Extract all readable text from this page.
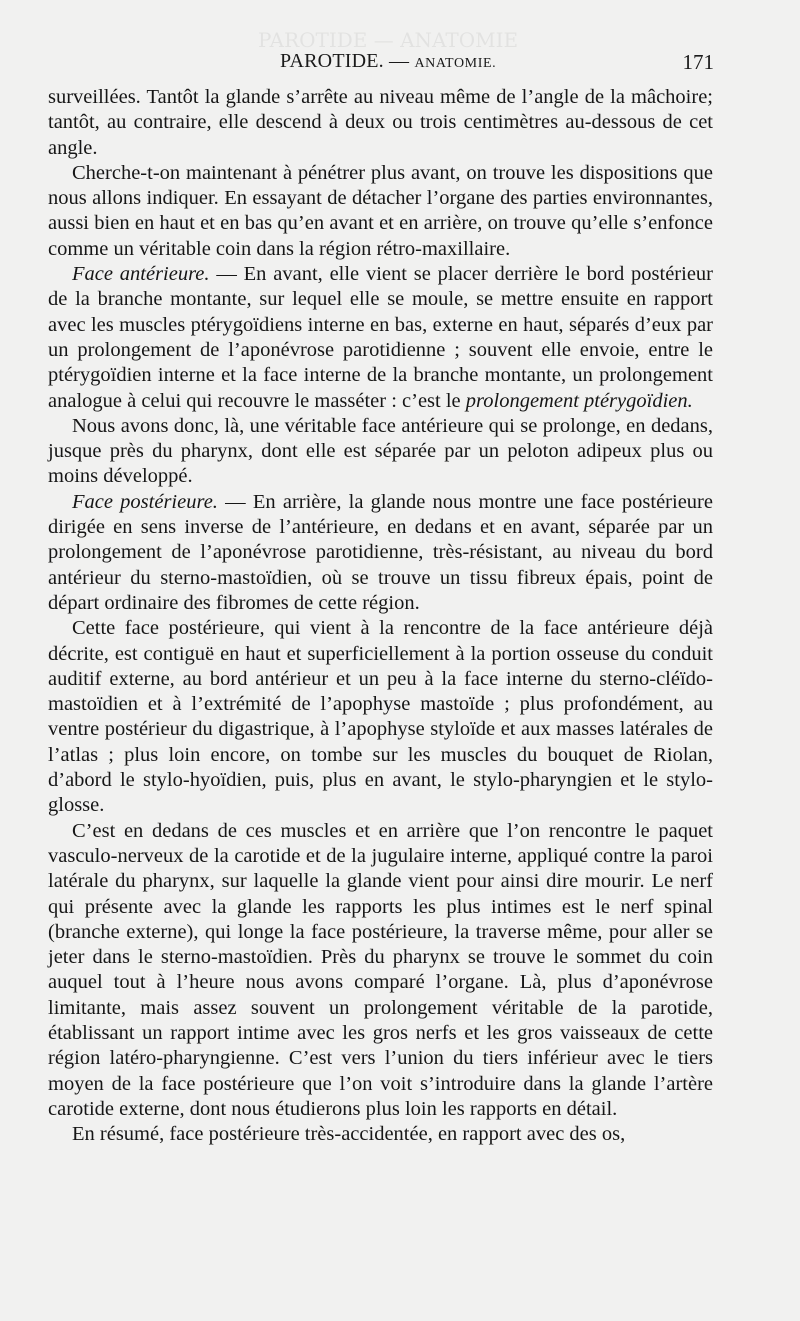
PAROTIDE — ANATOMIE
PAROTIDE. — ANATOMIE.	171

surveillées. Tantôt la glande s’arrête au niveau même de l’angle de la mâchoire; tantôt, au contraire, elle descend à deux ou trois centimètres au-dessous de cet angle.

Cherche-t-on maintenant à pénétrer plus avant, on trouve les dispositions que nous allons indiquer. En essayant de détacher l’organe des parties environnantes, aussi bien en haut et en bas qu’en avant et en arrière, on trouve qu’elle s’enfonce comme un véritable coin dans la région rétro-maxillaire.

Face antérieure. — En avant, elle vient se placer derrière le bord postérieur de la branche montante, sur lequel elle se moule, se mettre ensuite en rapport avec les muscles ptérygoïdiens interne en bas, externe en haut, séparés d’eux par un prolongement de l’aponévrose parotidienne ; souvent elle envoie, entre le ptérygoïdien interne et la face interne de la branche montante, un prolongement analogue à celui qui recouvre le masséter : c’est le prolongement ptérygoïdien.

Nous avons donc, là, une véritable face antérieure qui se prolonge, en dedans, jusque près du pharynx, dont elle est séparée par un peloton adipeux plus ou moins développé.

Face postérieure. — En arrière, la glande nous montre une face postérieure dirigée en sens inverse de l’antérieure, en dedans et en avant, séparée par un prolongement de l’aponévrose parotidienne, très-résistant, au niveau du bord antérieur du sterno-mastoïdien, où se trouve un tissu fibreux épais, point de départ ordinaire des fibromes de cette région.

Cette face postérieure, qui vient à la rencontre de la face antérieure déjà décrite, est contiguë en haut et superficiellement à la portion osseuse du conduit auditif externe, au bord antérieur et un peu à la face interne du sterno-cléïdo-mastoïdien et à l’extrémité de l’apophyse mastoïde ; plus profondément, au ventre postérieur du digastrique, à l’apophyse styloïde et aux masses latérales de l’atlas ; plus loin encore, on tombe sur les muscles du bouquet de Riolan, d’abord le stylo-hyoïdien, puis, plus en avant, le stylo-pharyngien et le stylo-glosse.

C’est en dedans de ces muscles et en arrière que l’on rencontre le paquet vasculo-nerveux de la carotide et de la jugulaire interne, appliqué contre la paroi latérale du pharynx, sur laquelle la glande vient pour ainsi dire mourir. Le nerf qui présente avec la glande les rapports les plus intimes est le nerf spinal (branche externe), qui longe la face postérieure, la traverse même, pour aller se jeter dans le sterno-mastoïdien. Près du pharynx se trouve le sommet du coin auquel tout à l’heure nous avons comparé l’organe. Là, plus d’aponévrose limitante, mais assez souvent un prolongement véritable de la parotide, établissant un rapport intime avec les gros nerfs et les gros vaisseaux de cette région latéro-pharyngienne. C’est vers l’union du tiers inférieur avec le tiers moyen de la face postérieure que l’on voit s’introduire dans la glande l’artère carotide externe, dont nous étudierons plus loin les rapports en détail.

En résumé, face postérieure très-accidentée, en rapport avec des os,
